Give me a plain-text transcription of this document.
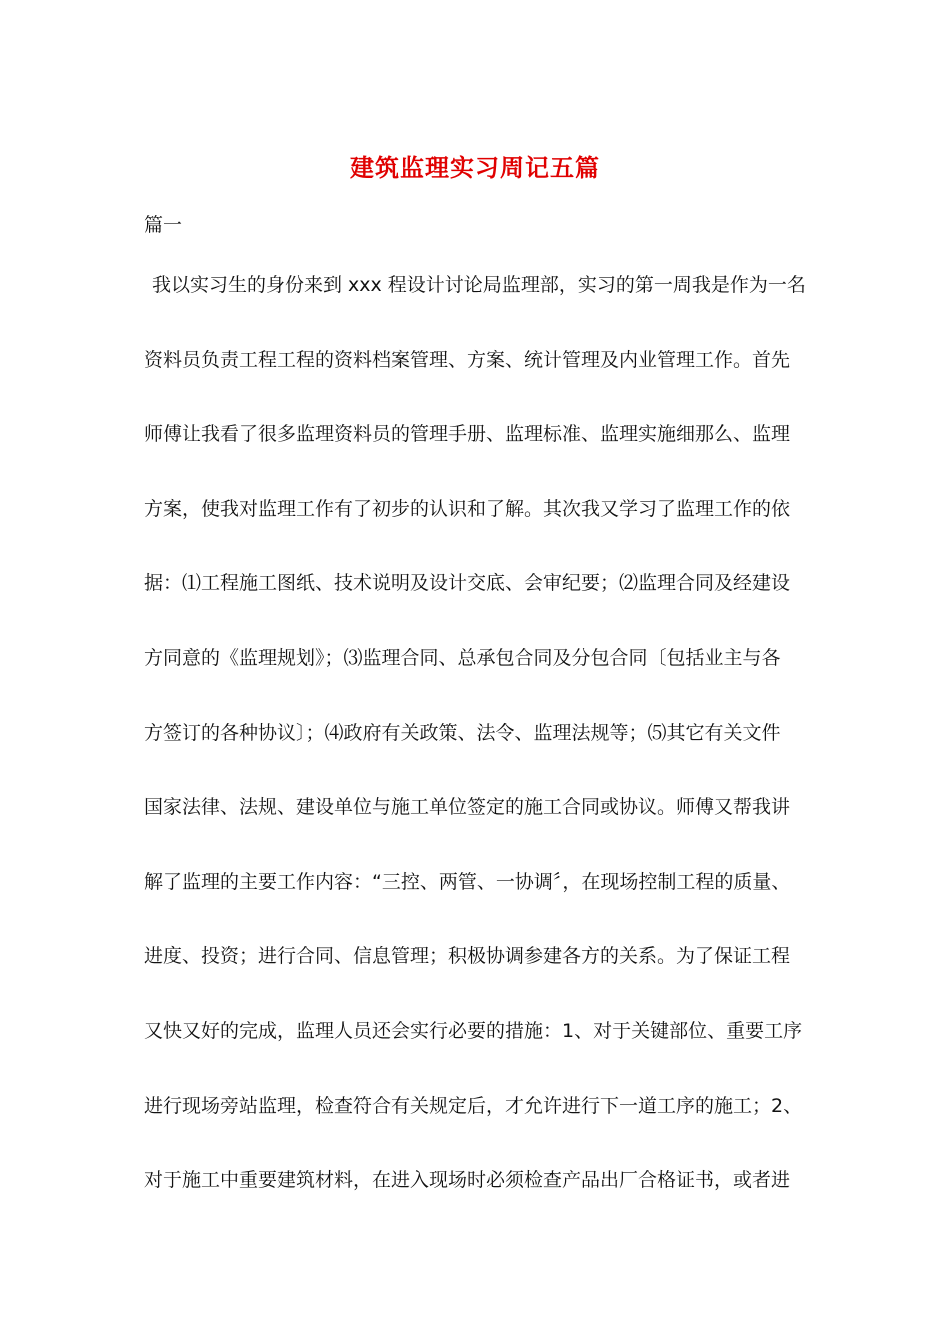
建筑监理实习周记五篇

篇一

我以实习生的身份来到 xxx 程设计讨论局监理部，实习的第一周我是作为一名
资料员负责工程工程的资料档案管理、方案、统计管理及内业管理工作。首先
师傅让我看了很多监理资料员的管理手册、监理标准、监理实施细那么、监理
方案，使我对监理工作有了初步的认识和了解。其次我又学习了监理工作的依
据：⑴工程施工图纸、技术说明及设计交底、会审纪要；⑵监理合同及经建设
方同意的《监理规划》；⑶监理合同、总承包合同及分包合同〔包括业主与各
方签订的各种协议〕；⑷政府有关政策、法令、监理法规等；⑸其它有关文件
国家法律、法规、建设单位与施工单位签定的施工合同或协议。师傅又帮我讲
解了监理的主要工作内容：“三控、两管、一协调〞，在现场控制工程的质量、
进度、投资；进行合同、信息管理；积极协调参建各方的关系。为了保证工程
又快又好的完成，监理人员还会实行必要的措施：1、对于关键部位、重要工序
进行现场旁站监理，检查符合有关规定后，才允许进行下一道工序的施工；2、
对于施工中重要建筑材料，在进入现场时必须检查产品出厂合格证书，或者进
